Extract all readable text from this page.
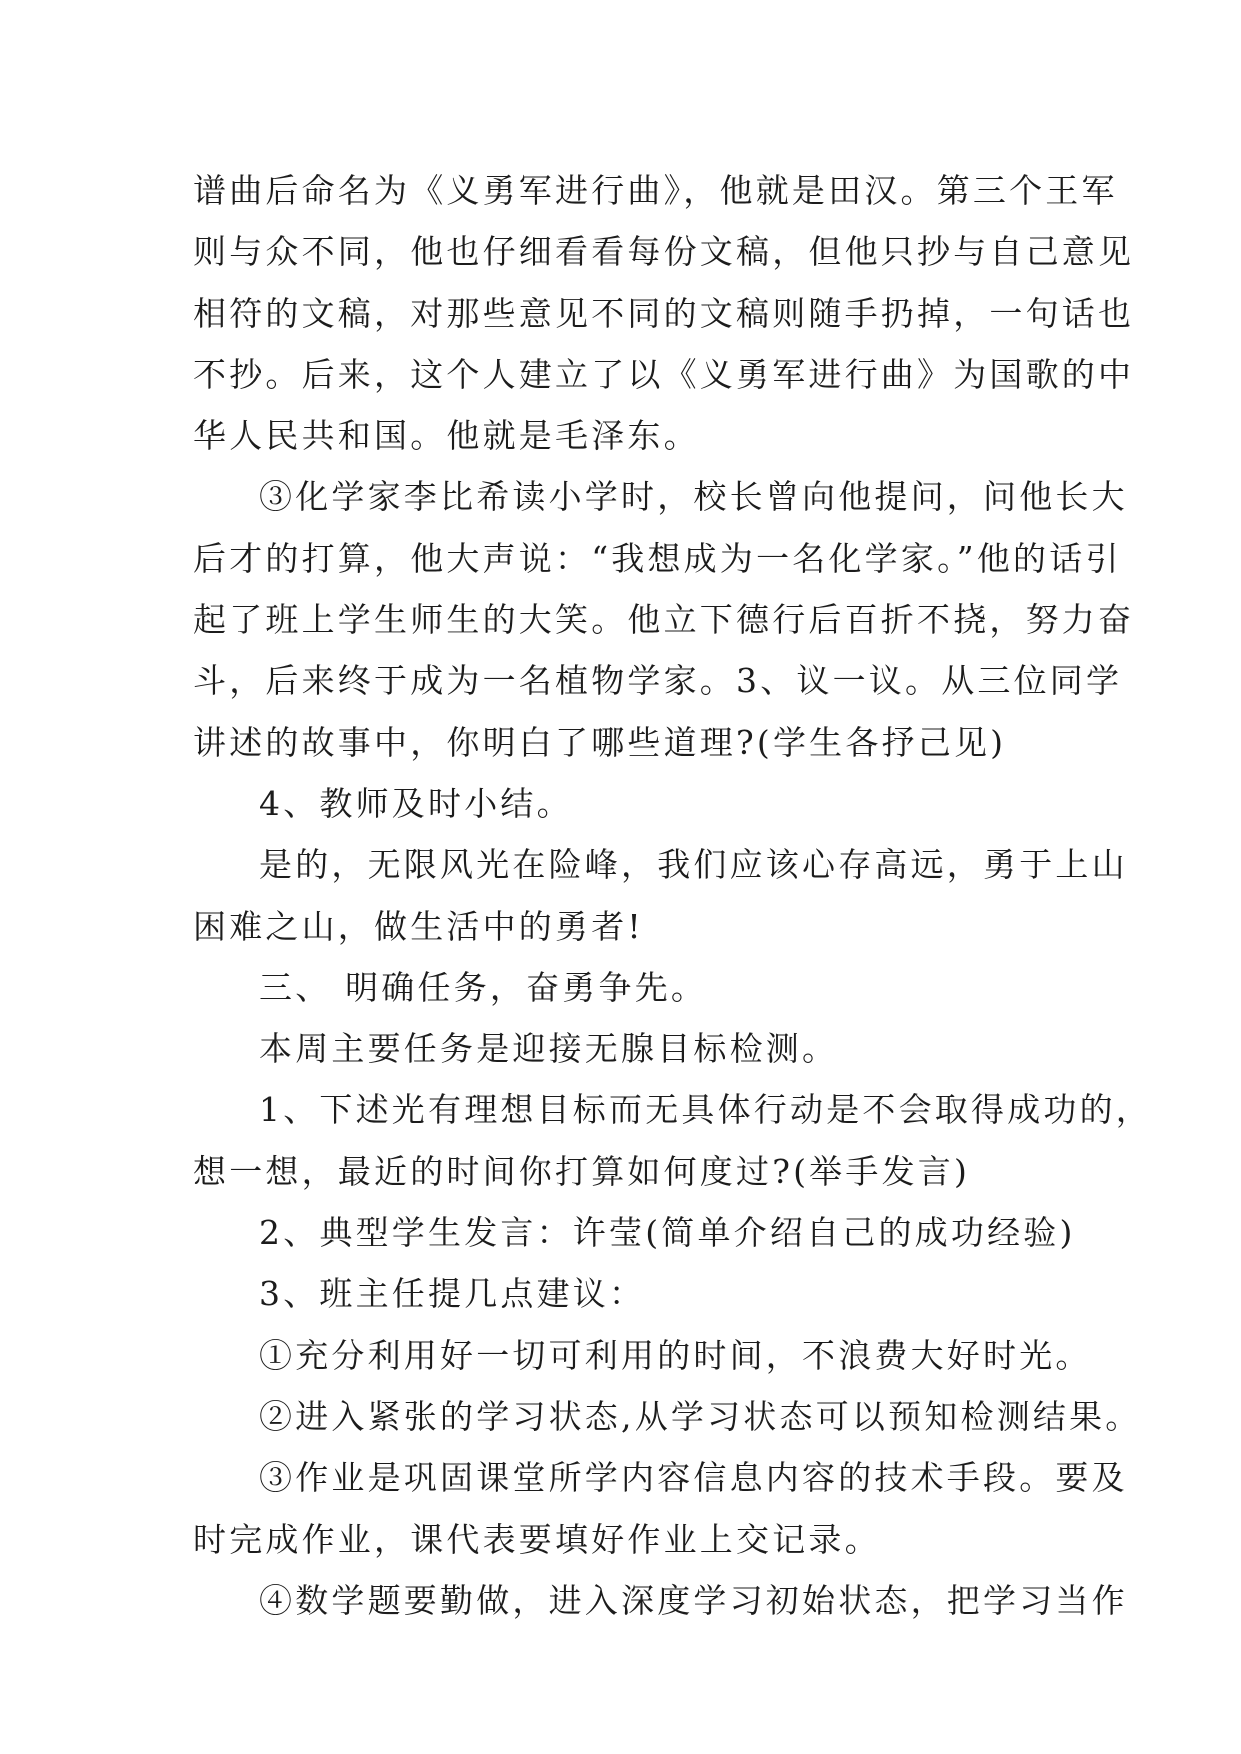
谱曲后命名为《义勇军进行曲》，他就是田汉。第三个王军
则与众不同，他也仔细看看每份文稿，但他只抄与自己意见
相符的文稿，对那些意见不同的文稿则随手扔掉，一句话也
不抄。后来，这个人建立了以《义勇军进行曲》为国歌的中
华人民共和国。他就是毛泽东。

③化学家李比希读小学时，校长曾向他提问，问他长大
后才的打算，他大声说：“我想成为一名化学家。”他的话引
起了班上学生师生的大笑。他立下德行后百折不挠，努力奋
斗，后来终于成为一名植物学家。3、议一议。从三位同学
讲述的故事中，你明白了哪些道理?(学生各抒己见)

4、教师及时小结。

是的，无限风光在险峰，我们应该心存高远，勇于上山
困难之山，做生活中的勇者!

三、 明确任务，奋勇争先。

本周主要任务是迎接无腺目标检测。

1、下述光有理想目标而无具体行动是不会取得成功的，
想一想，最近的时间你打算如何度过?(举手发言)

2、典型学生发言：许莹(简单介绍自己的成功经验)

3、班主任提几点建议：

①充分利用好一切可利用的时间，不浪费大好时光。

②进入紧张的学习状态,从学习状态可以预知检测结果。

③作业是巩固课堂所学内容信息内容的技术手段。要及
时完成作业，课代表要填好作业上交记录。

④数学题要勤做，进入深度学习初始状态，把学习当作
